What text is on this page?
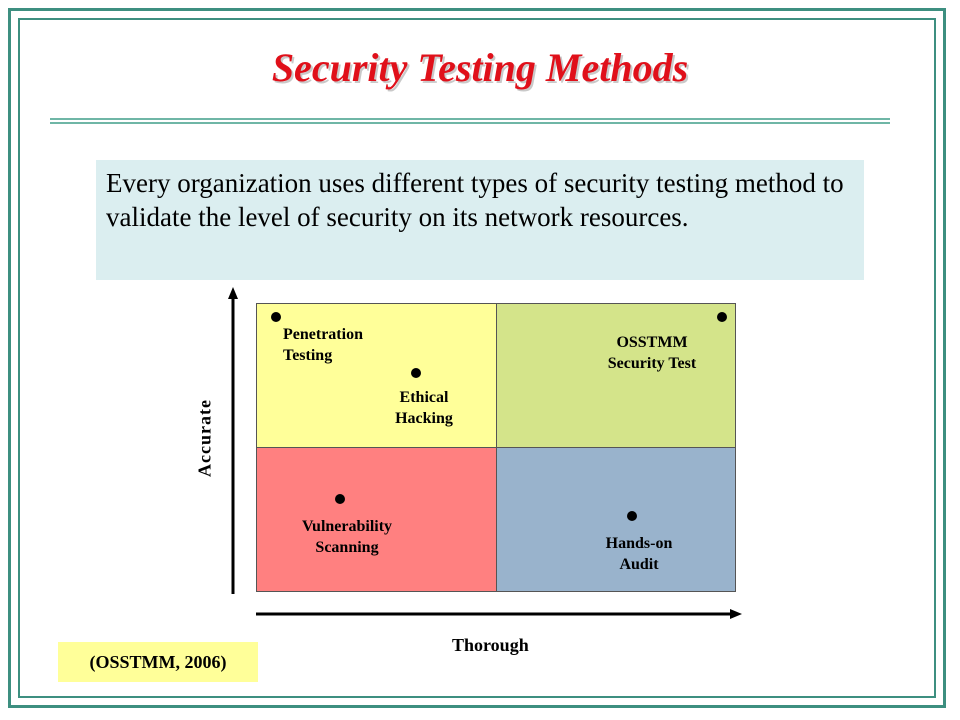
Security Testing Methods
Every organization uses different types of security testing method to validate the level of security on its network resources.
Accurate
Thorough
Penetration
Testing
Ethical
Hacking
OSSTMM
Security Test
Vulnerability
Scanning	Hands-on
Audit
(OSSTMM, 2006)
